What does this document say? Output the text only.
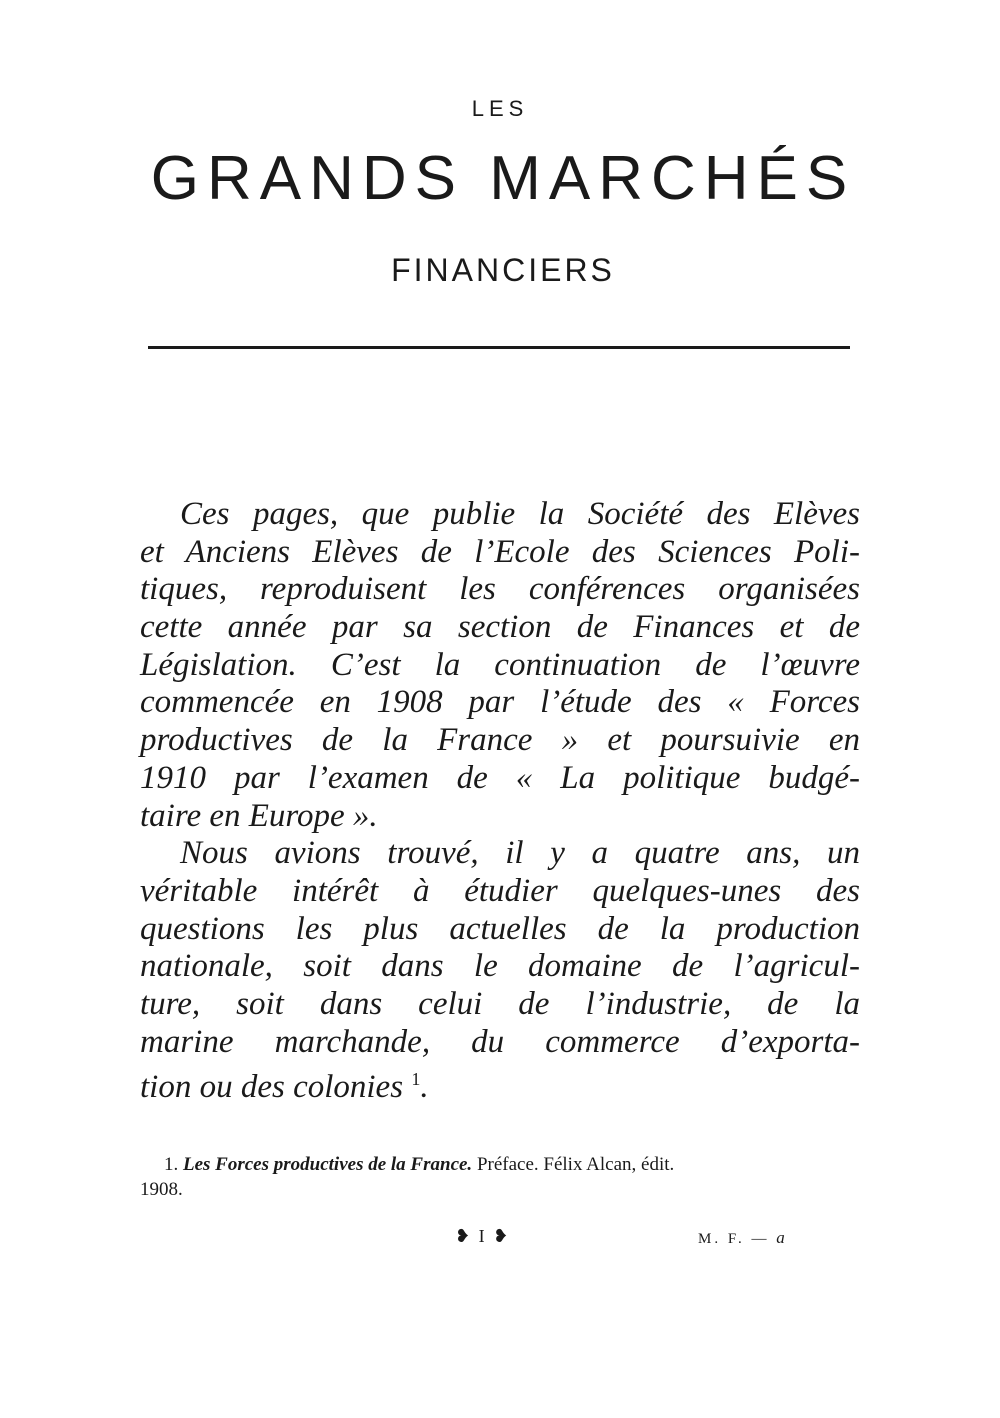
LES
GRANDS MARCHÉS
FINANCIERS
Ces pages, que publie la Société des Elèves
et Anciens Elèves de l’Ecole des Sciences Poli-
tiques, reproduisent les conférences organisées
cette année par sa section de Finances et de
Législation. C’est la continuation de l’œuvre
commencée en 1908 par l’étude des « Forces
productives de la France » et poursuivie en
1910 par l’examen de « La politique budgé-
taire en Europe ».
Nous avions trouvé, il y a quatre ans, un
véritable intérêt à étudier quelques-unes des
questions les plus actuelles de la production
nationale, soit dans le domaine de l’agricul-
ture, soit dans celui de l’industrie, de la
marine marchande, du commerce d’exporta-
tion ou des colonies $^1$.
1. Les Forces productives de la France. Préface. Félix Alcan, édit.
1908.
❥ I ❥	M. F. — a
